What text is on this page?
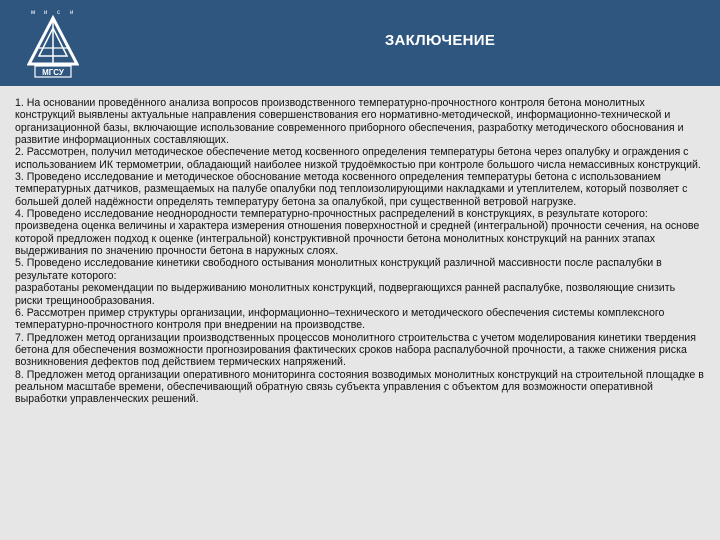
м и с и
МГСУ
ЗАКЛЮЧЕНИЕ

1. На основании проведённого анализа вопросов производственного температурно-прочностного контроля бетона монолитных конструкций выявлены актуальные направления совершенствования его нормативно-методической, информационно-технической и организационной базы, включающие использование современного приборного обеспечения, разработку методического обоснования и развитие информационных составляющих.

2. Рассмотрен, получил методическое обеспечение метод косвенного определения температуры бетона через опалубку и ограждения с использованием ИК термометрии, обладающий наиболее низкой трудоёмкостью при контроле большого числа немассивных конструкций.

3. Проведено исследование и методическое обоснование метода косвенного определения температуры бетона с использованием температурных датчиков, размещаемых на палубе опалубки под теплоизолирующими накладками и утеплителем, который позволяет с большей долей надёжности определять температуру бетона за опалубкой, при существенной ветровой нагрузке.

4. Проведено исследование неоднородности температурно-прочностных распределений в конструкциях, в результате которого:

произведена оценка величины и характера измерения отношения поверхностной и средней (интегральной) прочности сечения, на основе которой предложен подход к оценке (интегральной) конструктивной прочности бетона монолитных конструкций на ранних этапах выдерживания по значению прочности бетона в наружных слоях.

5. Проведено исследование кинетики свободного остывания монолитных конструкций различной массивности после распалубки в результате которого:

разработаны рекомендации по выдерживанию монолитных конструкций, подвергающихся ранней распалубке, позволяющие снизить риски трещинообразования.

6. Рассмотрен пример структуры организации, информационно–технического и методического обеспечения системы комплексного температурно-прочностного контроля при внедрении на производстве.

7. Предложен метод организации производственных процессов монолитного строительства с учетом моделирования кинетики твердения бетона для обеспечения возможности прогнозирования фактических сроков набора распалубочной прочности, а также снижения риска возникновения дефектов под действием термических напряжений.

8. Предложен метод организации оперативного мониторинга состояния возводимых монолитных конструкций на строительной площадке в реальном масштабе времени, обеспечивающий обратную связь субъекта управления с объектом для возможности оперативной выработки управленческих решений.
